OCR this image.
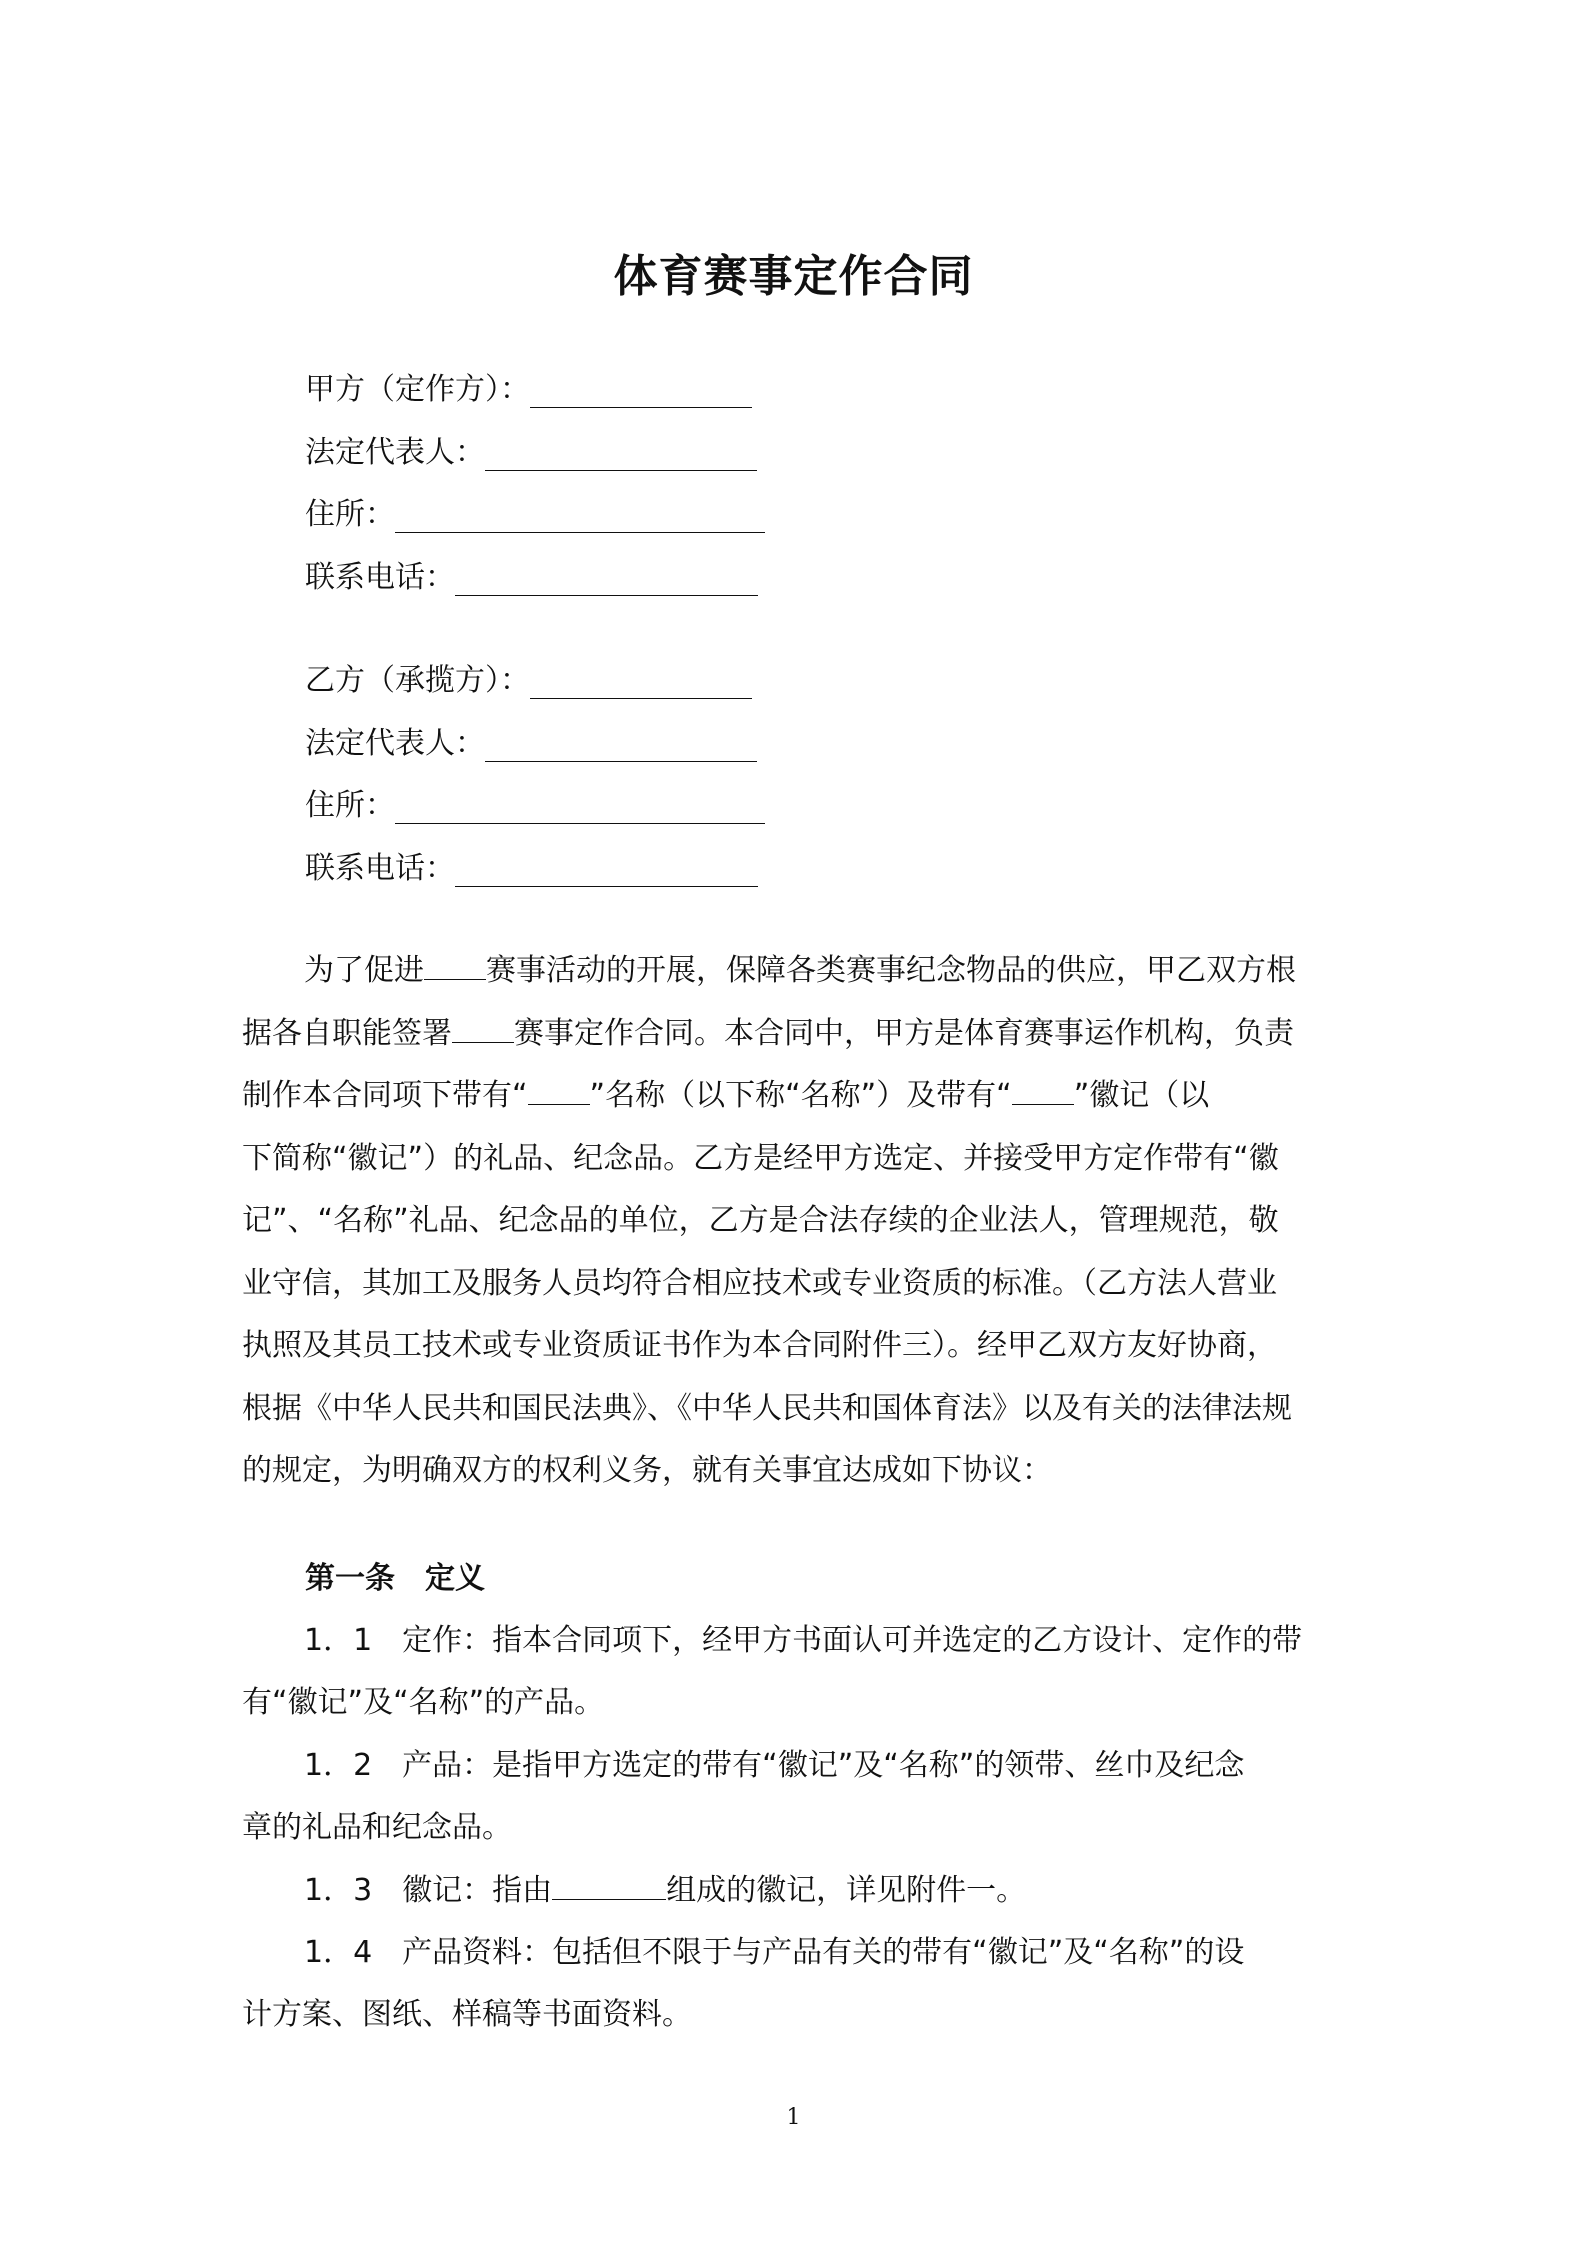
体育赛事定作合同
甲方（定作方）：
法定代表人：
住所：
联系电话：
乙方（承揽方）：
法定代表人：
住所：
联系电话：
为了促进 赛事活动的开展，保障各类赛事纪念物品的供应，甲乙双方根
据各自职能签署 赛事定作合同。本合同中，甲方是体育赛事运作机构，负责
制作本合同项下带有“ ”名称（以下称“名称”）及带有“ ”徽记（以
下简称“徽记”）的礼品、纪念品。乙方是经甲方选定、并接受甲方定作带有“徽
记”、“名称”礼品、纪念品的单位，乙方是合法存续的企业法人，管理规范，敬
业守信，其加工及服务人员均符合相应技术或专业资质的标准。（乙方法人营业
执照及其员工技术或专业资质证书作为本合同附件三）。经甲乙双方友好协商，
根据《中华人民共和国民法典》、《中华人民共和国体育法》以及有关的法律法规
的规定，为明确双方的权利义务，就有关事宜达成如下协议：
第一条　定义
1．1　定作：指本合同项下，经甲方书面认可并选定的乙方设计、定作的带
有“徽记”及“名称”的产品。
1．2　产品：是指甲方选定的带有“徽记”及“名称”的领带、丝巾及纪念
章的礼品和纪念品。
1．3　徽记：指由	组成的徽记，详见附件一。
1．4　产品资料：包括但不限于与产品有关的带有“徽记”及“名称”的设
计方案、图纸、样稿等书面资料。
1
